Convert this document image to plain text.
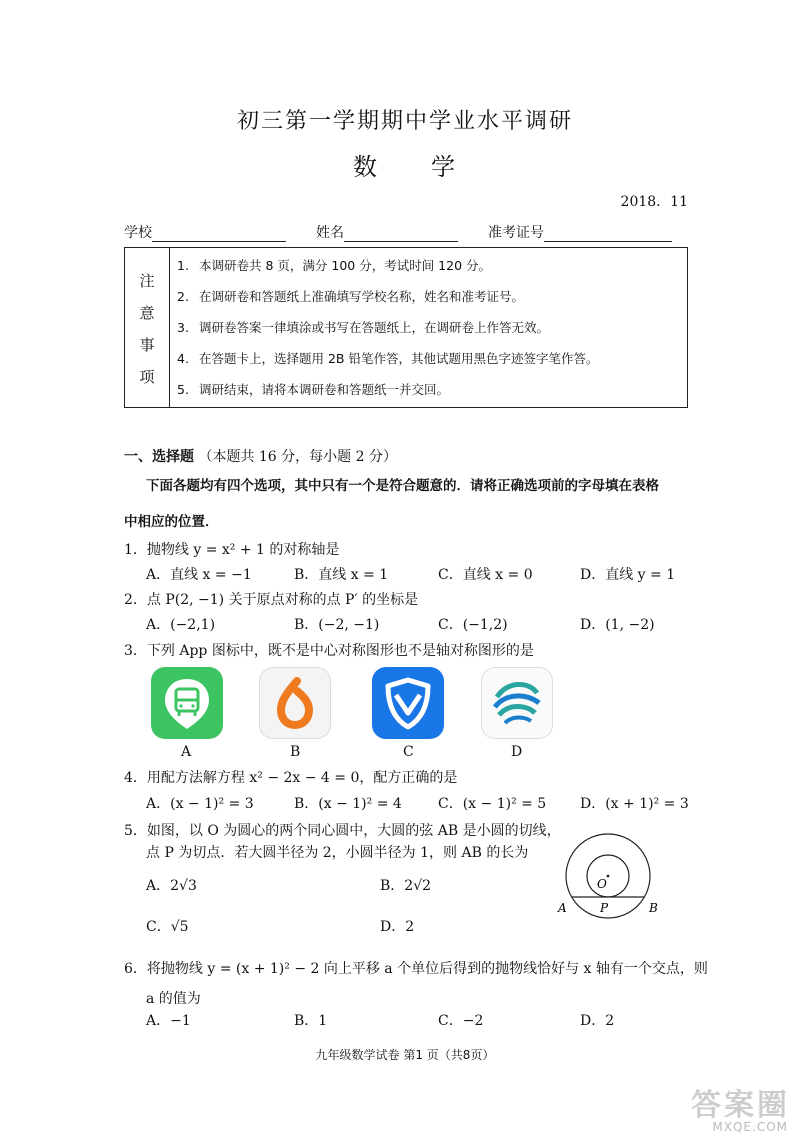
初三第一学期期中学业水平调研
数　　学
2018．11
学校	姓名	准考证号
注
意
事
项
1. 本调研卷共 8 页，满分 100 分，考试时间 120 分。
2. 在调研卷和答题纸上准确填写学校名称，姓名和准考证号。
3. 调研卷答案一律填涂或书写在答题纸上，在调研卷上作答无效。
4. 在答题卡上，选择题用 2B 铅笔作答，其他试题用黑色字迹签字笔作答。
5. 调研结束，请将本调研卷和答题纸一并交回。
一、选择题 （本题共 16 分，每小题 2 分）
下面各题均有四个选项，其中只有一个是符合题意的．请将正确选项前的字母填在表格
中相应的位置．
1．抛物线 y = x² + 1 的对称轴是
A．直线 x = −1	B．直线 x = 1	C．直线 x = 0	D．直线 y = 1
2．点 P(2, −1) 关于原点对称的点 P′ 的坐标是
A．(−2,1)	B．(−2, −1)	C．(−1,2)	D．(1, −2)
3．下列 App 图标中，既不是中心对称图形也不是轴对称图形的是
A	B	C	D
4．用配方法解方程 x² − 2x − 4 = 0，配方正确的是
A．(x − 1)² = 3	B．(x − 1)² = 4	C．(x − 1)² = 5 D．(x + 1)² = 3
5．如图，以 O 为圆心的两个同心圆中，大圆的弦 AB 是小圆的切线，
点 P 为切点．若大圆半径为 2，小圆半径为 1，则 AB 的长为
A．2√3	B．2√2
C．√5	D．2
O
A	P	B
6．将抛物线 y = (x + 1)² − 2 向上平移 a 个单位后得到的抛物线恰好与 x 轴有一个交点，则
a 的值为
A．−1	B．1	C．−2	D．2
九年级数学试卷 第1 页（共8页）
答案圈
MXQE.COM
